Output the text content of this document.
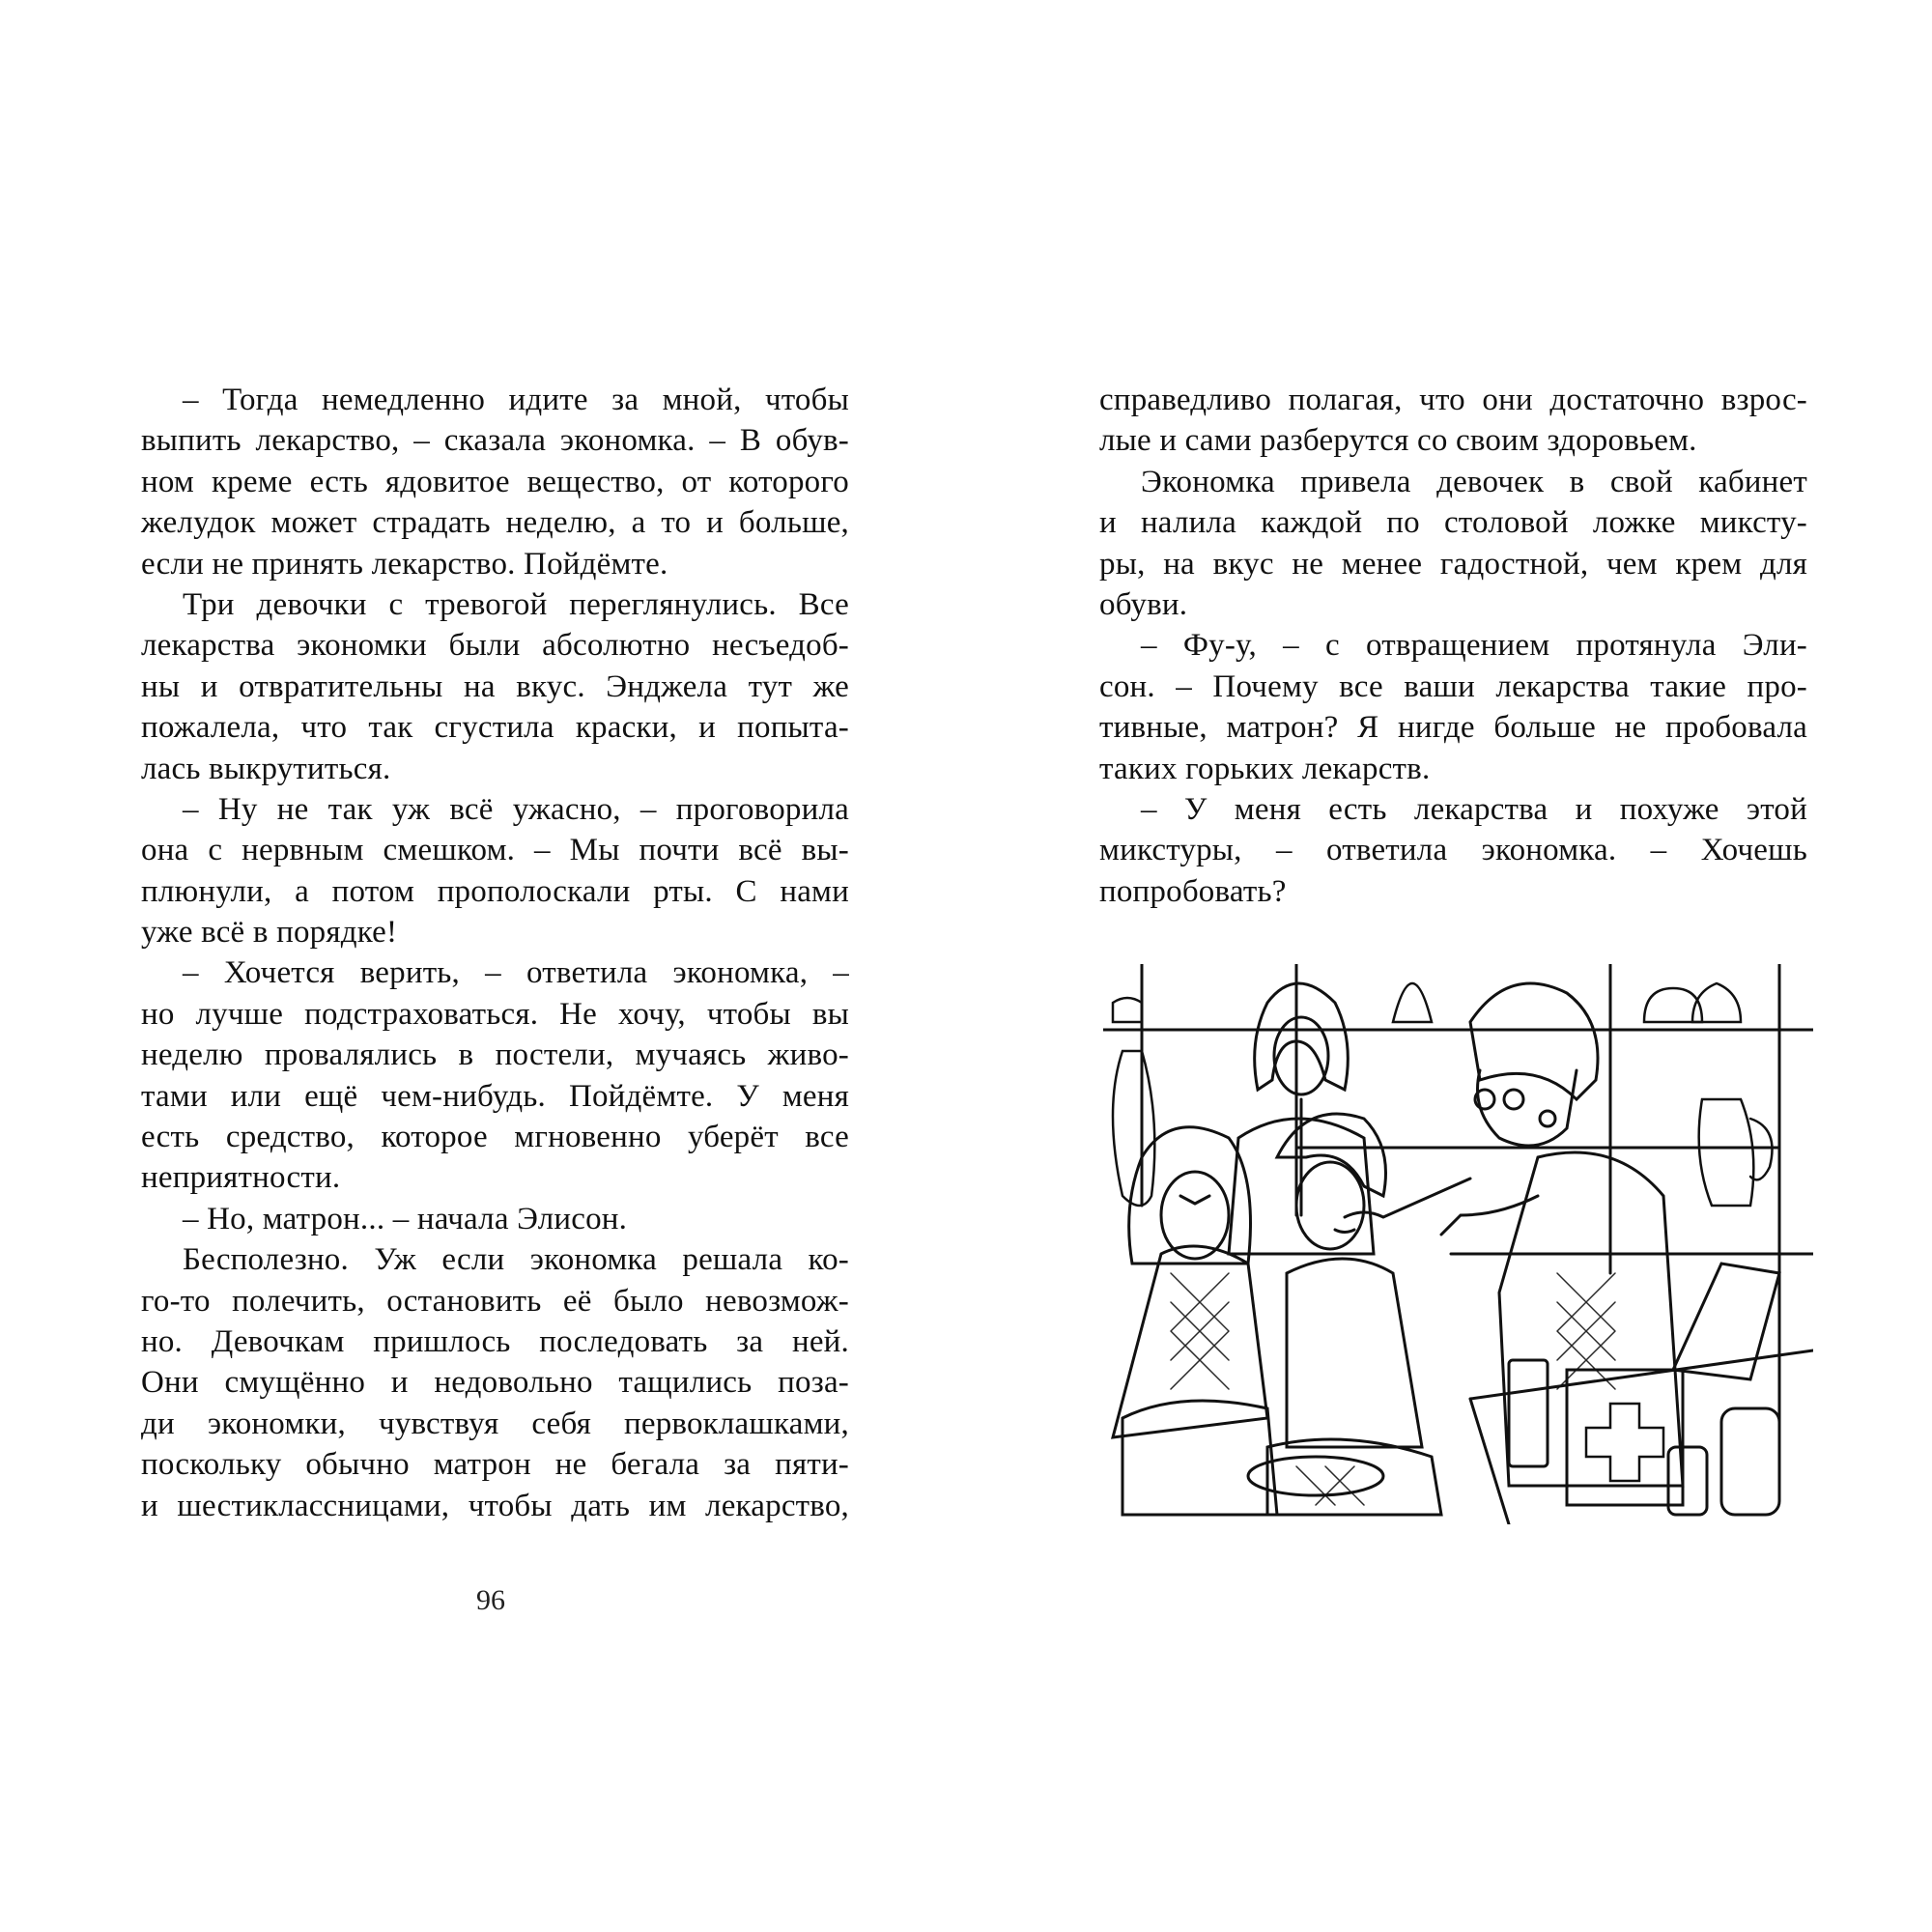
– Тогда немедленно идите за мной, чтобы
выпить лекарство, – сказала экономка. – В обув-
ном креме есть ядовитое вещество, от которого
желудок может страдать неделю, а то и больше,
если не принять лекарство. Пойдёмте.
Три девочки с тревогой переглянулись. Все
лекарства экономки были абсолютно несъедоб-
ны и отвратительны на вкус. Энджела тут же
пожалела, что так сгустила краски, и попыта-
лась выкрутиться.
– Ну не так уж всё ужасно, – проговорила
она с нервным смешком. – Мы почти всё вы-
плюнули, а потом прополоскали рты. С нами
уже всё в порядке!
– Хочется верить, – ответила экономка, –
но лучше подстраховаться. Не хочу, чтобы вы
неделю провалялись в постели, мучаясь живо-
тами или ещё чем-нибудь. Пойдёмте. У меня
есть средство, которое мгновенно уберёт все
неприятности.
– Но, матрон... – начала Элисон.
Бесполезно. Уж если экономка решала ко-
го-то полечить, остановить её было невозмож-
но. Девочкам пришлось последовать за ней.
Они смущённо и недовольно тащились поза-
ди экономки, чувствуя себя первоклашками,
поскольку обычно матрон не бегала за пяти-
и шестиклассницами, чтобы дать им лекарство,
96
справедливо полагая, что они достаточно взрос-
лые и сами разберутся со своим здоровьем.
Экономка привела девочек в свой кабинет
и налила каждой по столовой ложке миксту-
ры, на вкус не менее гадостной, чем крем для
обуви.
– Фу-у, – с отвращением протянула Эли-
сон. – Почему все ваши лекарства такие про-
тивные, матрон? Я нигде больше не пробовала
таких горьких лекарств.
– У меня есть лекарства и похуже этой
микстуры, – ответила экономка. – Хочешь
попробовать?
